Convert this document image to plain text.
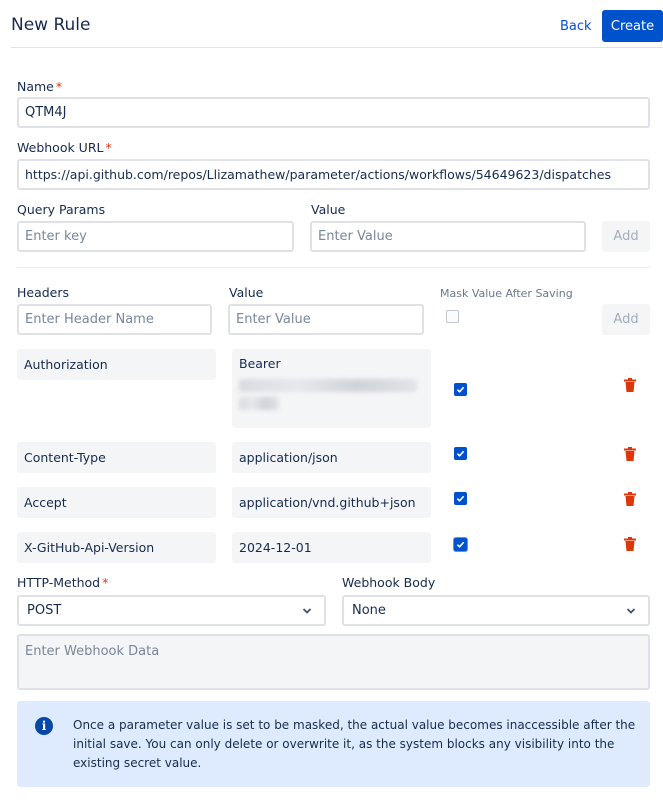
New Rule	Back	Create
Name *
QTM4J
Webhook URL *
https://api.github.com/repos/Llizamathew/parameter/actions/workflows/54649623/dispatches
Query Params	Value
Enter key	Enter Value	Add
Headers	Value	Mask Value After Saving
Enter Header Name	Enter Value	Add
Authorization	Bearer
Content-Type	application/json
Accept	application/vnd.github+json
X-GitHub-Api-Version	2024-12-01
HTTP-Method *	Webhook Body
POST	None
Enter Webhook Data
i	Once a parameter value is set to be masked, the actual value becomes inaccessible after the initial save. You can only delete or overwrite it, as the system blocks any visibility into the existing secret value.
